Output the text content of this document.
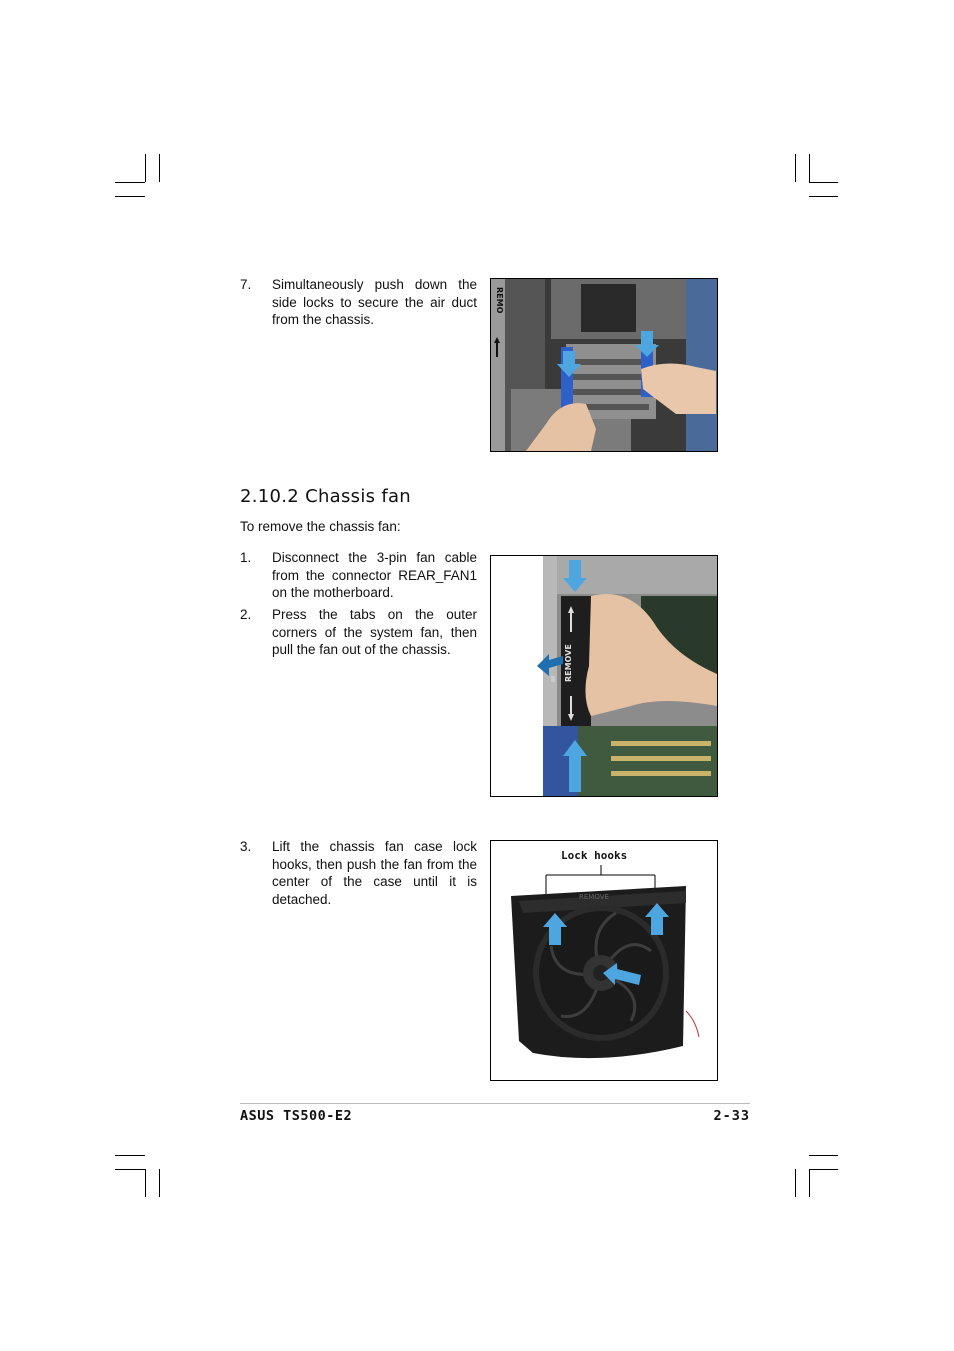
7. Simultaneously push down the side locks to secure the air duct from the chassis.
REMO
2.10.2 Chassis fan
To remove the chassis fan:
1. Disconnect the 3-pin fan cable from the connector REAR_FAN1 on the motherboard.
2. Press the tabs on the outer corners of the system fan, then pull the fan out of the chassis.	REMOVE
3. Lift the chassis fan case lock hooks, then push the fan from the center of the case until it is detached.
Lock hooks
REMOVE
ASUS TS500-E2	2-33
